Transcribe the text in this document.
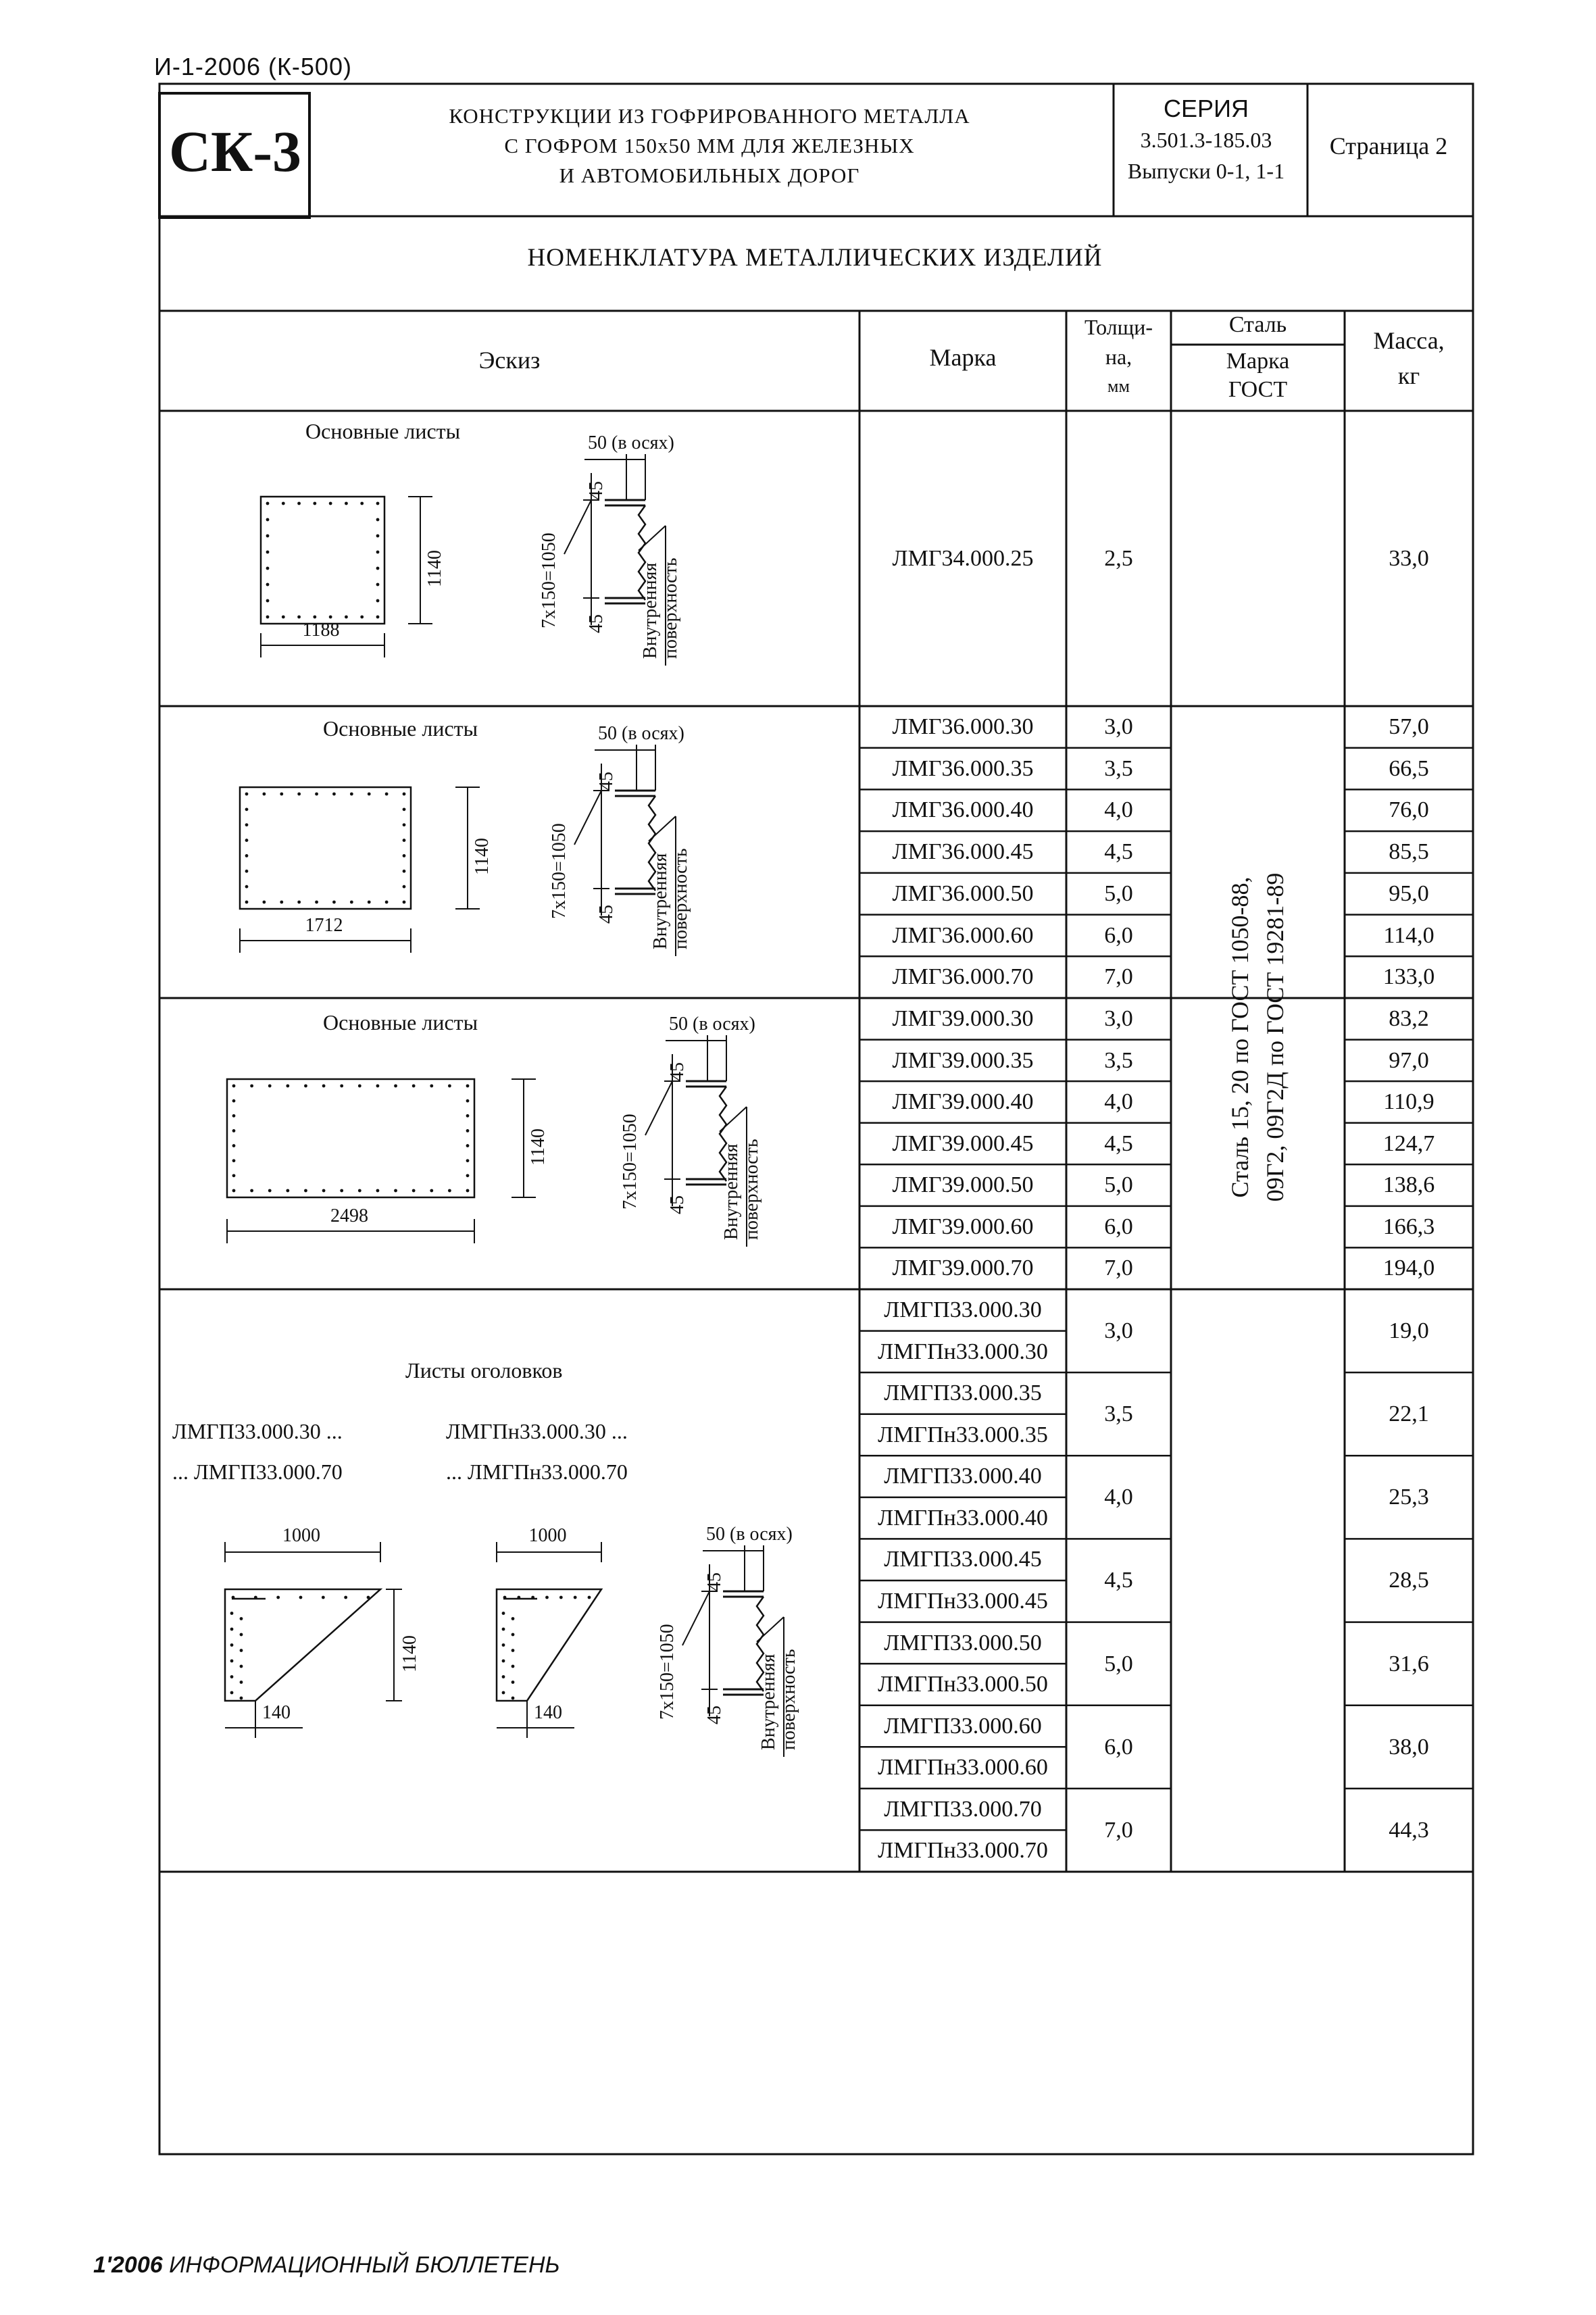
И-1-2006 (К-500)
СК-3
КОНСТРУКЦИИ ИЗ ГОФРИРОВАННОГО МЕТАЛЛА
С ГОФРОМ 150х50 ММ ДЛЯ ЖЕЛЕЗНЫХ
И АВТОМОБИЛЬНЫХ ДОРОГ
СЕРИЯ
3.501.3-185.03
Выпуски 0-1, 1-1
Страница 2
НОМЕНКЛАТУРА МЕТАЛЛИЧЕСКИХ ИЗДЕЛИЙ
Эскиз	Марка
Толщи-
на,
мм
Сталь
Марка
ГОСТ
Масса,
кг
Сталь 15, 20 по ГОСТ 1050-88, 09Г2, 09Г2Д по ГОСТ 19281-89
ЛМГ34.000.25	2,5	33,0
ЛМГ36.000.30	3,0	57,0
ЛМГ36.000.35	3,5	66,5
ЛМГ36.000.40	4,0	76,0
ЛМГ36.000.45	4,5	85,5
ЛМГ36.000.50	5,0	95,0
ЛМГ36.000.60	6,0	114,0
ЛМГ36.000.70	7,0	133,0
ЛМГ39.000.30	3,0	83,2
ЛМГ39.000.35	3,5	97,0
ЛМГ39.000.40	4,0	110,9
ЛМГ39.000.45	4,5	124,7
ЛМГ39.000.50	5,0	138,6
ЛМГ39.000.60	6,0	166,3
ЛМГ39.000.70	7,0	194,0
ЛМГП33.000.30
ЛМГПн33.000.30
3,0	19,0
ЛМГП33.000.35
ЛМГПн33.000.35
3,5	22,1
ЛМГП33.000.40
ЛМГПн33.000.40
4,0	25,3
ЛМГП33.000.45
ЛМГПн33.000.45
4,5	28,5
ЛМГП33.000.50
ЛМГПн33.000.50
5,0	31,6
ЛМГП33.000.60
ЛМГПн33.000.60
6,0	38,0
ЛМГП33.000.70
ЛМГПн33.000.70
7,0	44,3
Основные листы
1140
1188
50 (в осях)
7х150=1050
45
45 Внутренняя поверхность
Основные листы
1140
1712
50 (в осях)
7х150=1050
45
45 Внутренняя поверхность
Основные листы
1140
2498
50 (в осях)
7х150=1050
45
45 Внутренняя поверхность
Листы оголовков
ЛМГП33.000.30 ...
... ЛМГП33.000.70
ЛМГПн33.000.30 ...
... ЛМГПн33.000.70
1000
140
1140
1000
140
50 (в осях)
7х150=1050
45
45 Внутренняя поверхность
1'2006 ИНФОРМАЦИОННЫЙ БЮЛЛЕТЕНЬ
